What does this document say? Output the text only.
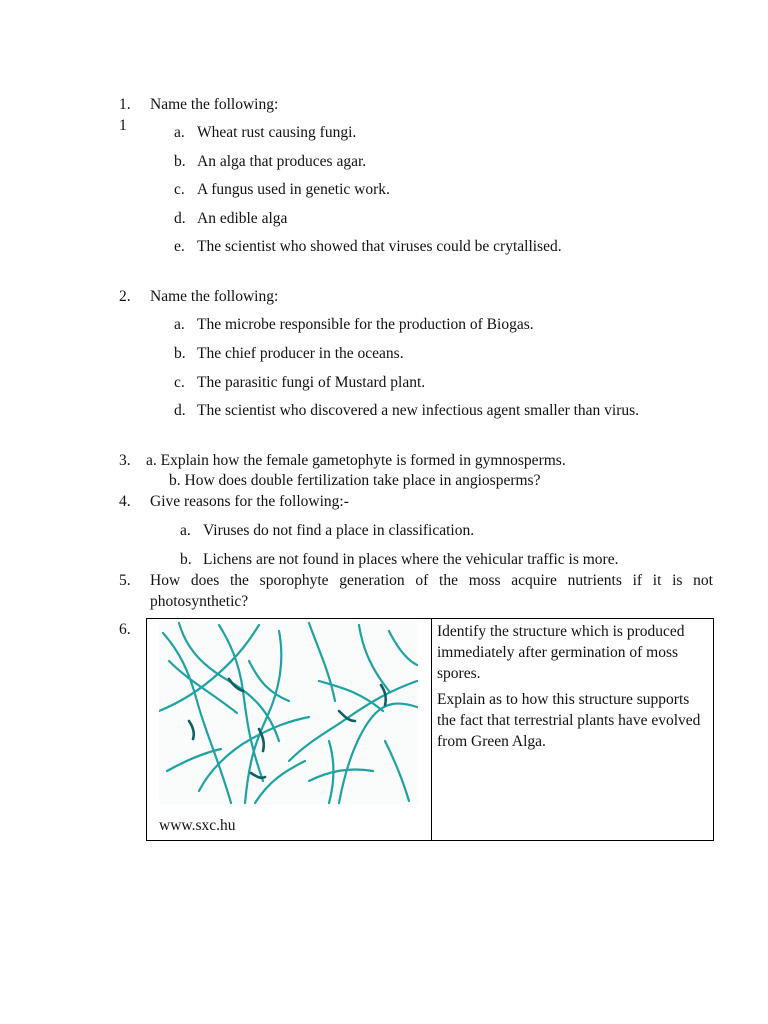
1. Name the following:
1	a. Wheat rust causing fungi.
b. An alga that produces agar.
c. A fungus used in genetic work.
d. An edible alga
e. The scientist who showed that viruses could be crytallised.
2. Name the following:
a. The microbe responsible for the production of Biogas.
b. The chief producer in the oceans.
c. The parasitic fungi of Mustard plant.
d. The scientist who discovered a new infectious agent smaller than virus.
3. a. Explain how the female gametophyte is formed in gymnosperms.
b. How does double fertilization take place in angiosperms?
4. Give reasons for the following:-
a. Viruses do not find a place in classification.
b. Lichens are not found in places where the vehicular traffic is more.
5. How does the sporophyte generation of the moss acquire nutrients if it is not
photosynthetic?
6.
www.sxc.hu
Identify the structure which is produced immediately after germination of moss spores.
Explain as to how this structure supports the fact that terrestrial plants have evolved from Green Alga.
